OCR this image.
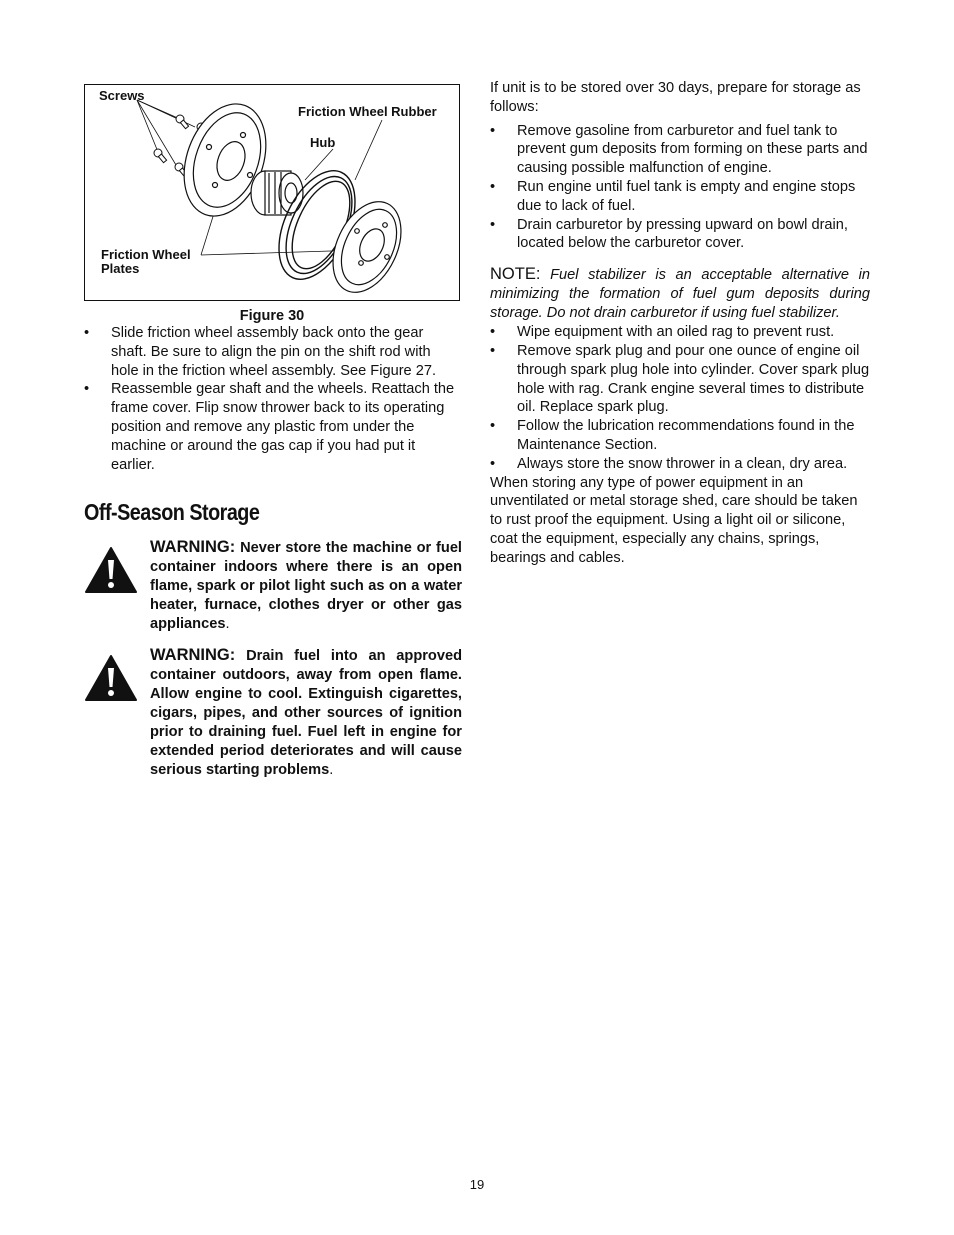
Screws
Friction Wheel Rubber
Hub
Friction Wheel
Plates
Figure 30
• Slide friction wheel assembly back onto the gear shaft. Be sure to align the pin on the shift rod with hole in the friction wheel assembly. See Figure 27.
• Reassemble gear shaft and the wheels. Reattach the frame cover. Flip snow thrower back to its operating position and remove any plastic from under the machine or around the gas cap if you had put it earlier.
Off-Season Storage
WARNING: Never store the machine or fuel container indoors where there is an open flame, spark or pilot light such as on a water heater, furnace, clothes dryer or other gas appliances.
WARNING: Drain fuel into an approved container outdoors, away from open flame. Allow engine to cool. Extinguish cigarettes, cigars, pipes, and other sources of ignition prior to draining fuel. Fuel left in engine for extended period deteriorates and will cause serious starting problems.

If unit is to be stored over 30 days, prepare for storage as follows:

• Remove gasoline from carburetor and fuel tank to prevent gum deposits from forming on these parts and causing possible malfunction of engine.
• Run engine until fuel tank is empty and engine stops due to lack of fuel.
• Drain carburetor by pressing upward on bowl drain, located below the carburetor cover.
NOTE: Fuel stabilizer is an acceptable alternative in minimizing the formation of fuel gum deposits during storage. Do not drain carburetor if using fuel stabilizer.
• Wipe equipment with an oiled rag to prevent rust.
• Remove spark plug and pour one ounce of engine oil through spark plug hole into cylinder. Cover spark plug hole with rag. Crank engine several times to distribute oil. Replace spark plug.
• Follow the lubrication recommendations found in the Maintenance Section.
• Always store the snow thrower in a clean, dry area.

When storing any type of power equipment in an unventilated or metal storage shed, care should be taken to rust proof the equipment. Using a light oil or silicone, coat the equipment, especially any chains, springs, bearings and cables.

19
